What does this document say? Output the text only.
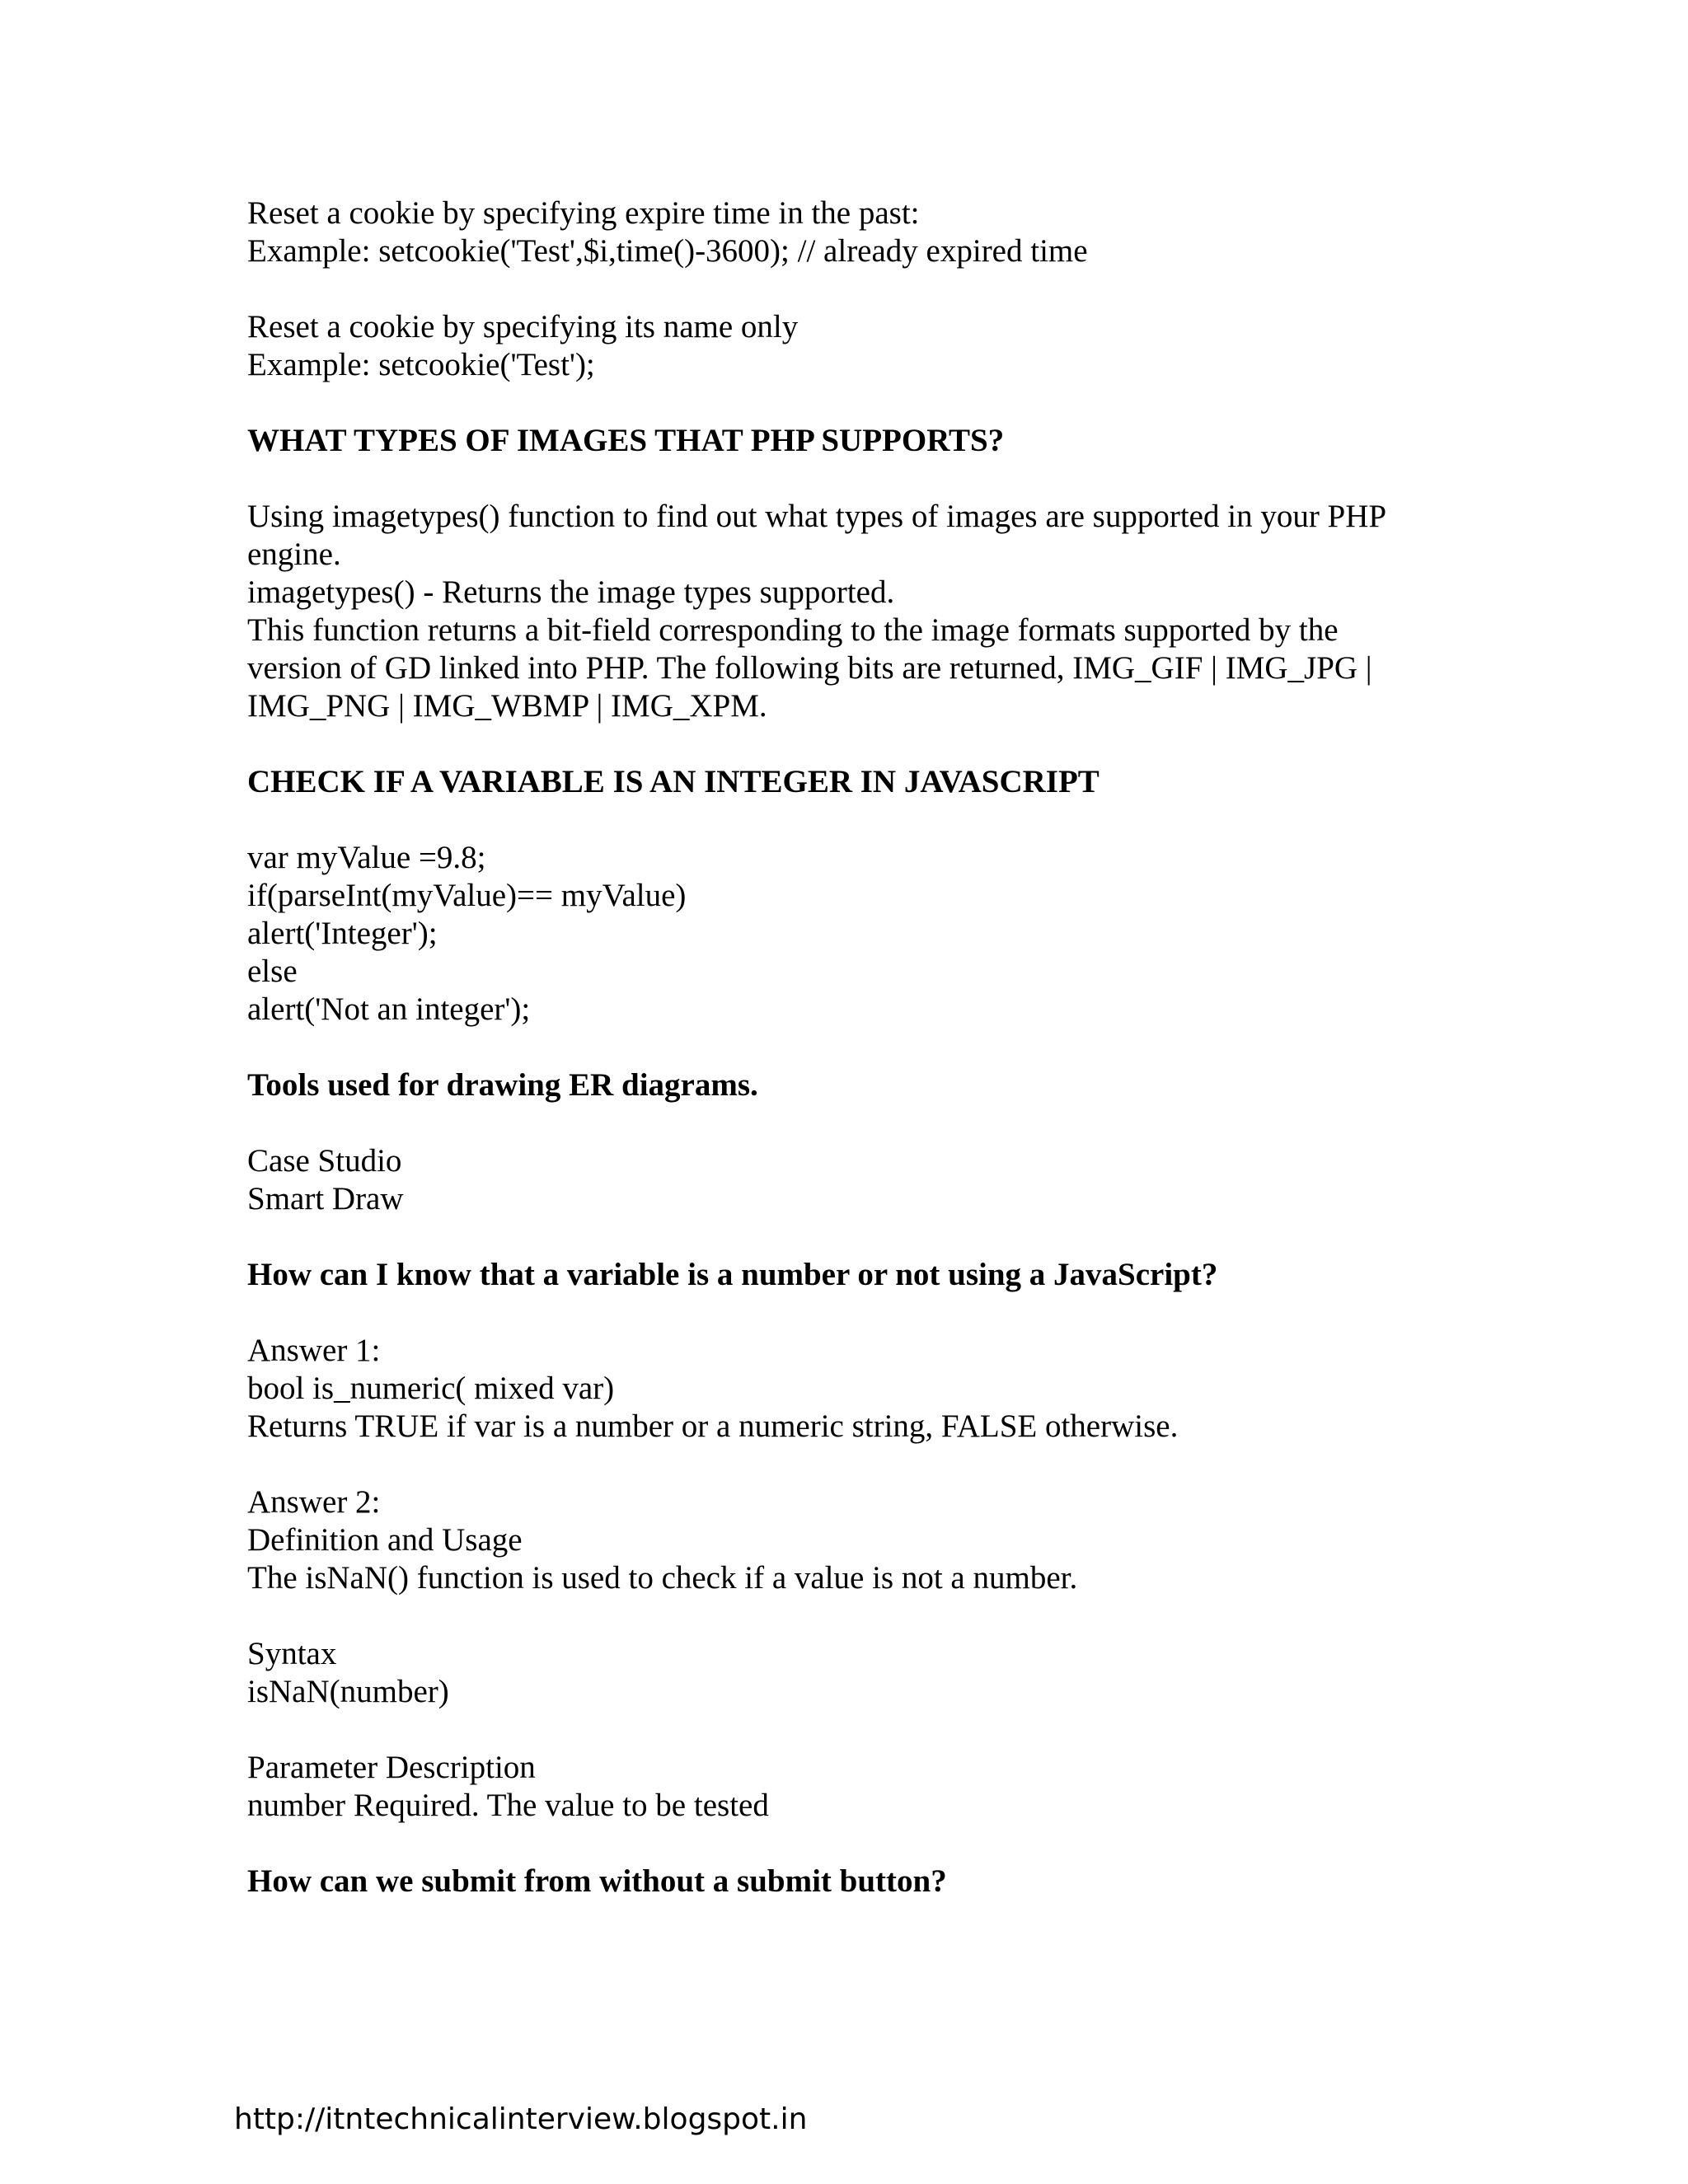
Reset a cookie by specifying expire time in the past:
Example: setcookie('Test',$i,time()-3600); // already expired time
Reset a cookie by specifying its name only
Example: setcookie('Test');
WHAT TYPES OF IMAGES THAT PHP SUPPORTS?
Using imagetypes() function to find out what types of images are supported in your PHP
engine.
imagetypes() - Returns the image types supported.
This function returns a bit-field corresponding to the image formats supported by the
version of GD linked into PHP. The following bits are returned, IMG_GIF | IMG_JPG |
IMG_PNG | IMG_WBMP | IMG_XPM.
CHECK IF A VARIABLE IS AN INTEGER IN JAVASCRIPT
var myValue =9.8;
if(parseInt(myValue)== myValue)
alert('Integer');
else
alert('Not an integer');
Tools used for drawing ER diagrams.
Case Studio
Smart Draw
How can I know that a variable is a number or not using a JavaScript?
Answer 1:
bool is_numeric( mixed var)
Returns TRUE if var is a number or a numeric string, FALSE otherwise.
Answer 2:
Definition and Usage
The isNaN() function is used to check if a value is not a number.
Syntax
isNaN(number)
Parameter Description
number Required. The value to be tested
How can we submit from without a submit button?
http://itntechnicalinterview.blogspot.in
